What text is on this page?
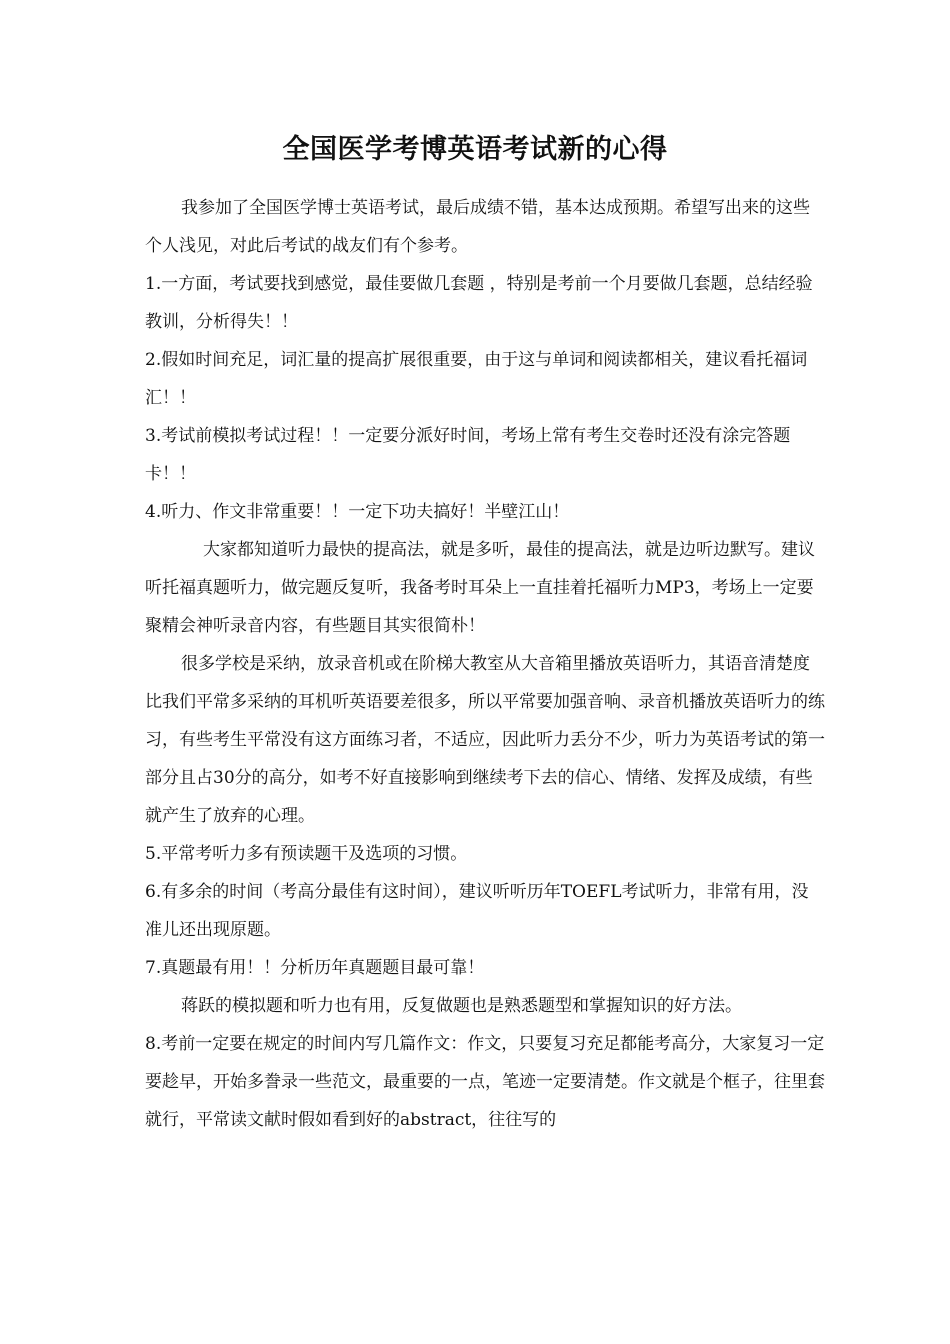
全国医学考博英语考试新的心得

我参加了全国医学博士英语考试，最后成绩不错，基本达成预期。希望写出来的这些个人浅见，对此后考试的战友们有个参考。

1.一方面，考试要找到感觉，最佳要做几套题 ，特别是考前一个月要做几套题，总结经验教训，分析得失！！

2.假如时间充足，词汇量的提高扩展很重要，由于这与单词和阅读都相关，建议看托福词汇！！

3.考试前模拟考试过程！！一定要分派好时间，考场上常有考生交卷时还没有涂完答题卡！！

4.听力、作文非常重要！！一定下功夫搞好！半壁江山！

大家都知道听力最快的提高法，就是多听，最佳的提高法，就是边听边默写。建议听托福真题听力，做完题反复听，我备考时耳朵上一直挂着托福听力MP3，考场上一定要聚精会神听录音内容，有些题目其实很简朴！

很多学校是采纳，放录音机或在阶梯大教室从大音箱里播放英语听力，其语音清楚度比我们平常多采纳的耳机听英语要差很多，所以平常要加强音响、录音机播放英语听力的练习，有些考生平常没有这方面练习者，不适应，因此听力丢分不少，听力为英语考试的第一部分且占30分的高分，如考不好直接影响到继续考下去的信心、情绪、发挥及成绩，有些就产生了放弃的心理。

5.平常考听力多有预读题干及选项的习惯。

6.有多余的时间（考高分最佳有这时间），建议听听历年TOEFL考试听力，非常有用，没准儿还出现原题。

7.真题最有用！！分析历年真题题目最可靠！

蒋跃的模拟题和听力也有用，反复做题也是熟悉题型和掌握知识的好方法。

8.考前一定要在规定的时间内写几篇作文：作文，只要复习充足都能考高分，大家复习一定要趁早，开始多誊录一些范文，最重要的一点，笔迹一定要清楚。作文就是个框子，往里套就行，平常读文献时假如看到好的abstract，往往写的
